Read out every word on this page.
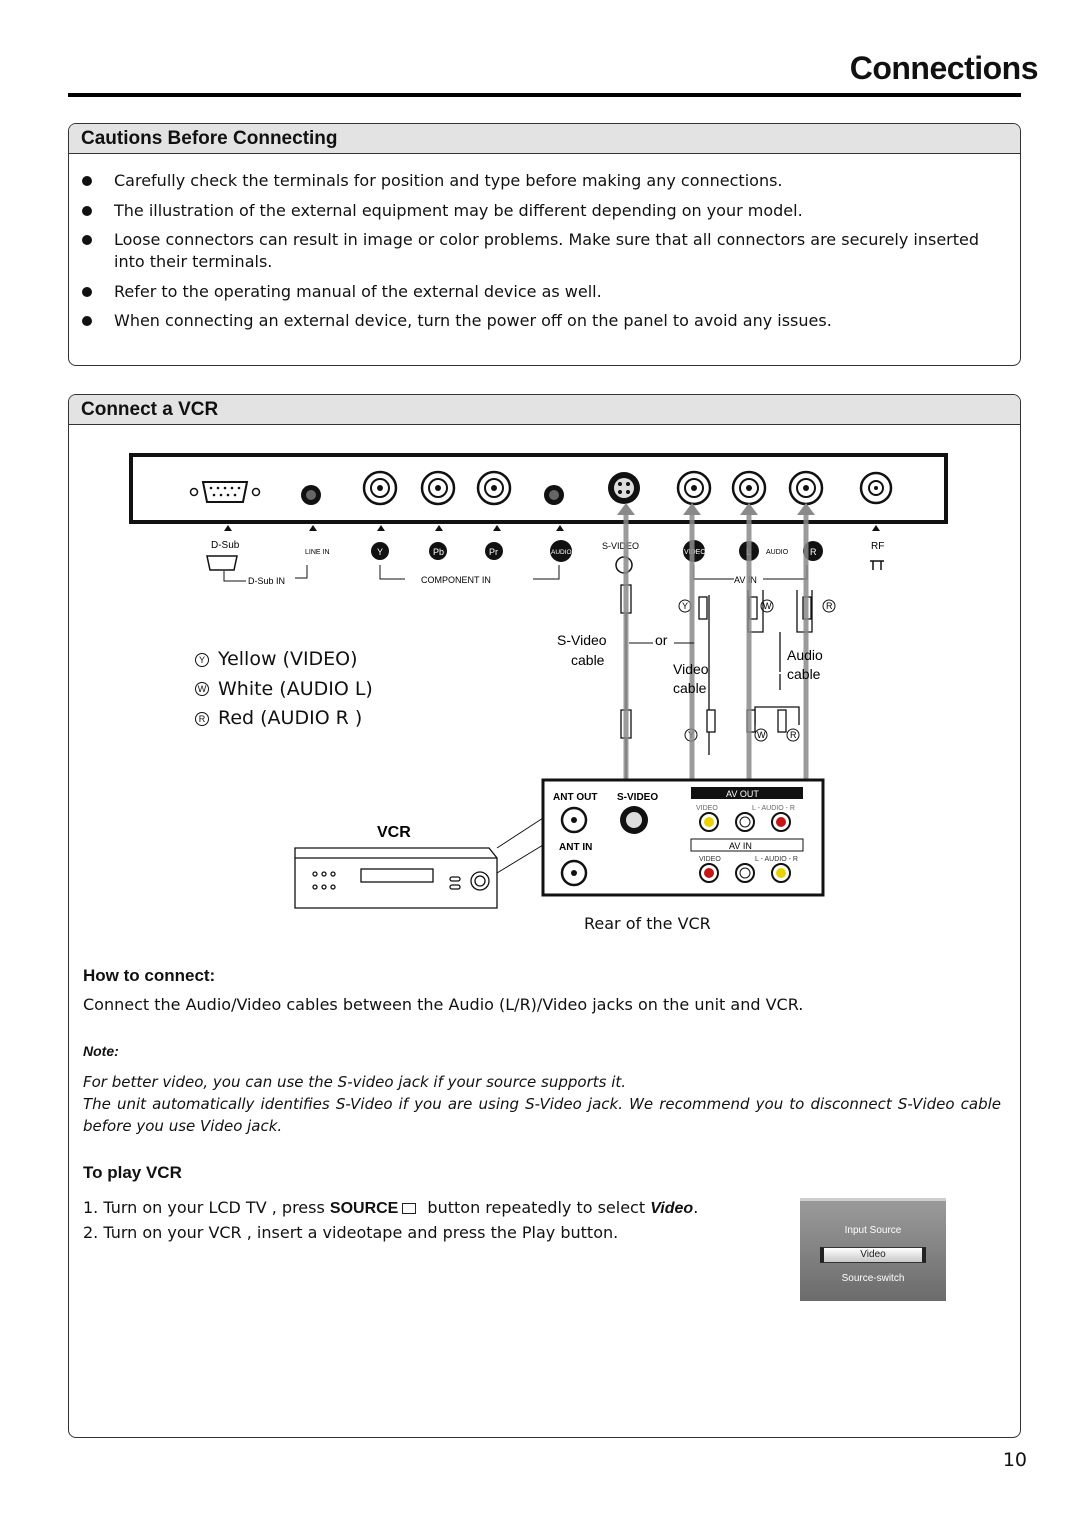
Connections
Cautions Before Connecting
Carefully check the terminals for position and type before making any connections.
The illustration of the external equipment may be different depending on your model.
Loose connectors can result in image or color problems. Make sure that all connectors are securely inserted into their terminals.
Refer to the operating manual of the external device as well.
When connecting an external device, turn the power off on the panel to avoid any issues.
Connect a VCR
D-Sub
D-Sub IN
LINE IN	Y	Pb	Pr	AUDIO
COMPONENT IN
S-VIDEO
VIDEO	L AUDIO R
AV IN
RF
Y	W	R
Y	W	R
S-Video
cable
or
Video
cable
Audio
cable
VCR
ANT OUT S-VIDEO
ANT IN
AV OUT
VIDEO	L - AUDIO - R
AV IN
VIDEO	L - AUDIO - R
Y Yellow (VIDEO)
W White (AUDIO L)
R Red (AUDIO R )
Rear of the VCR
How to connect:
Connect the Audio/Video cables between the Audio (L/R)/Video jacks on the unit and VCR.
Note:

For better video, you can use the S-video jack if your source supports it.

The unit automatically identifies S-Video if you are using S-Video jack. We recommend you to disconnect S-Video cable before you use Video jack.

To play VCR
1. Turn on your LCD TV , press SOURCE button repeatedly to select Video.
2. Turn on your VCR , insert a videotape and press the Play button.	Input Source
Video
Source-switch
10
